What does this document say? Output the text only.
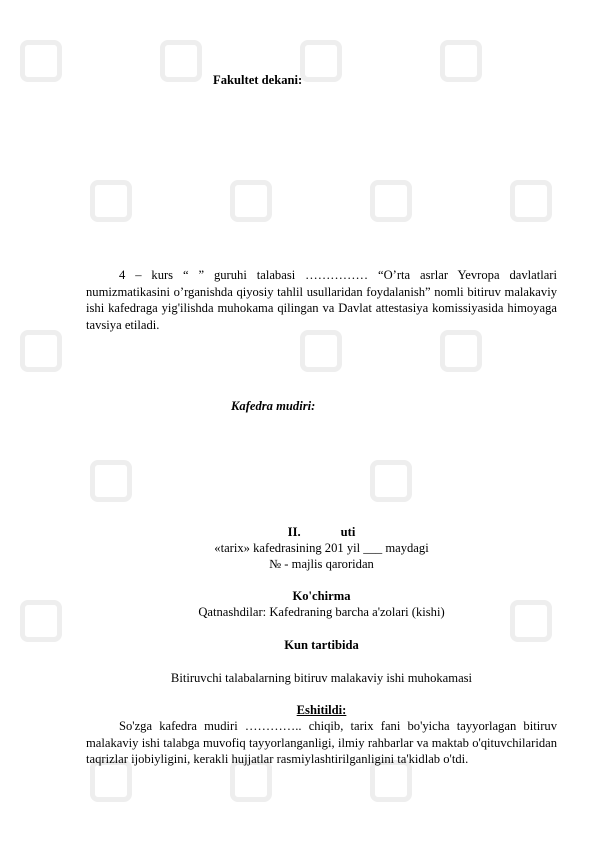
Fakultet dekani:
4 – kurs “ ” guruhi talabasi …………… “O’rta asrlar Yevropa davlatlari numizmatikasini o’rganishda qiyosiy tahlil usullaridan foydalanish” nomli bitiruv malakaviy ishi kafedraga yig'ilishda muhokama qilingan va Davlat attestasiya komissiyasida himoyaga tavsiya etiladi.
Kafedra mudiri:
II.	uti
«tarix» kafedrasining 201 yil ___ maydagi
№ - majlis qaroridan
Ko'chirma
Qatnashdilar: Kafedraning barcha a'zolari (kishi)
Kun tartibida
Bitiruvchi talabalarning bitiruv malakaviy ishi muhokamasi
Eshitildi:
So'zga kafedra mudiri ………….. chiqib, tarix fani bo'yicha tayyorlagan bitiruv malakaviy ishi talabga muvofiq tayyorlanganligi, ilmiy rahbarlar va maktab o'qituvchilaridan taqrizlar ijobiyligini, kerakli hujjatlar rasmiylashtirilganligini ta'kidlab o'tdi.
